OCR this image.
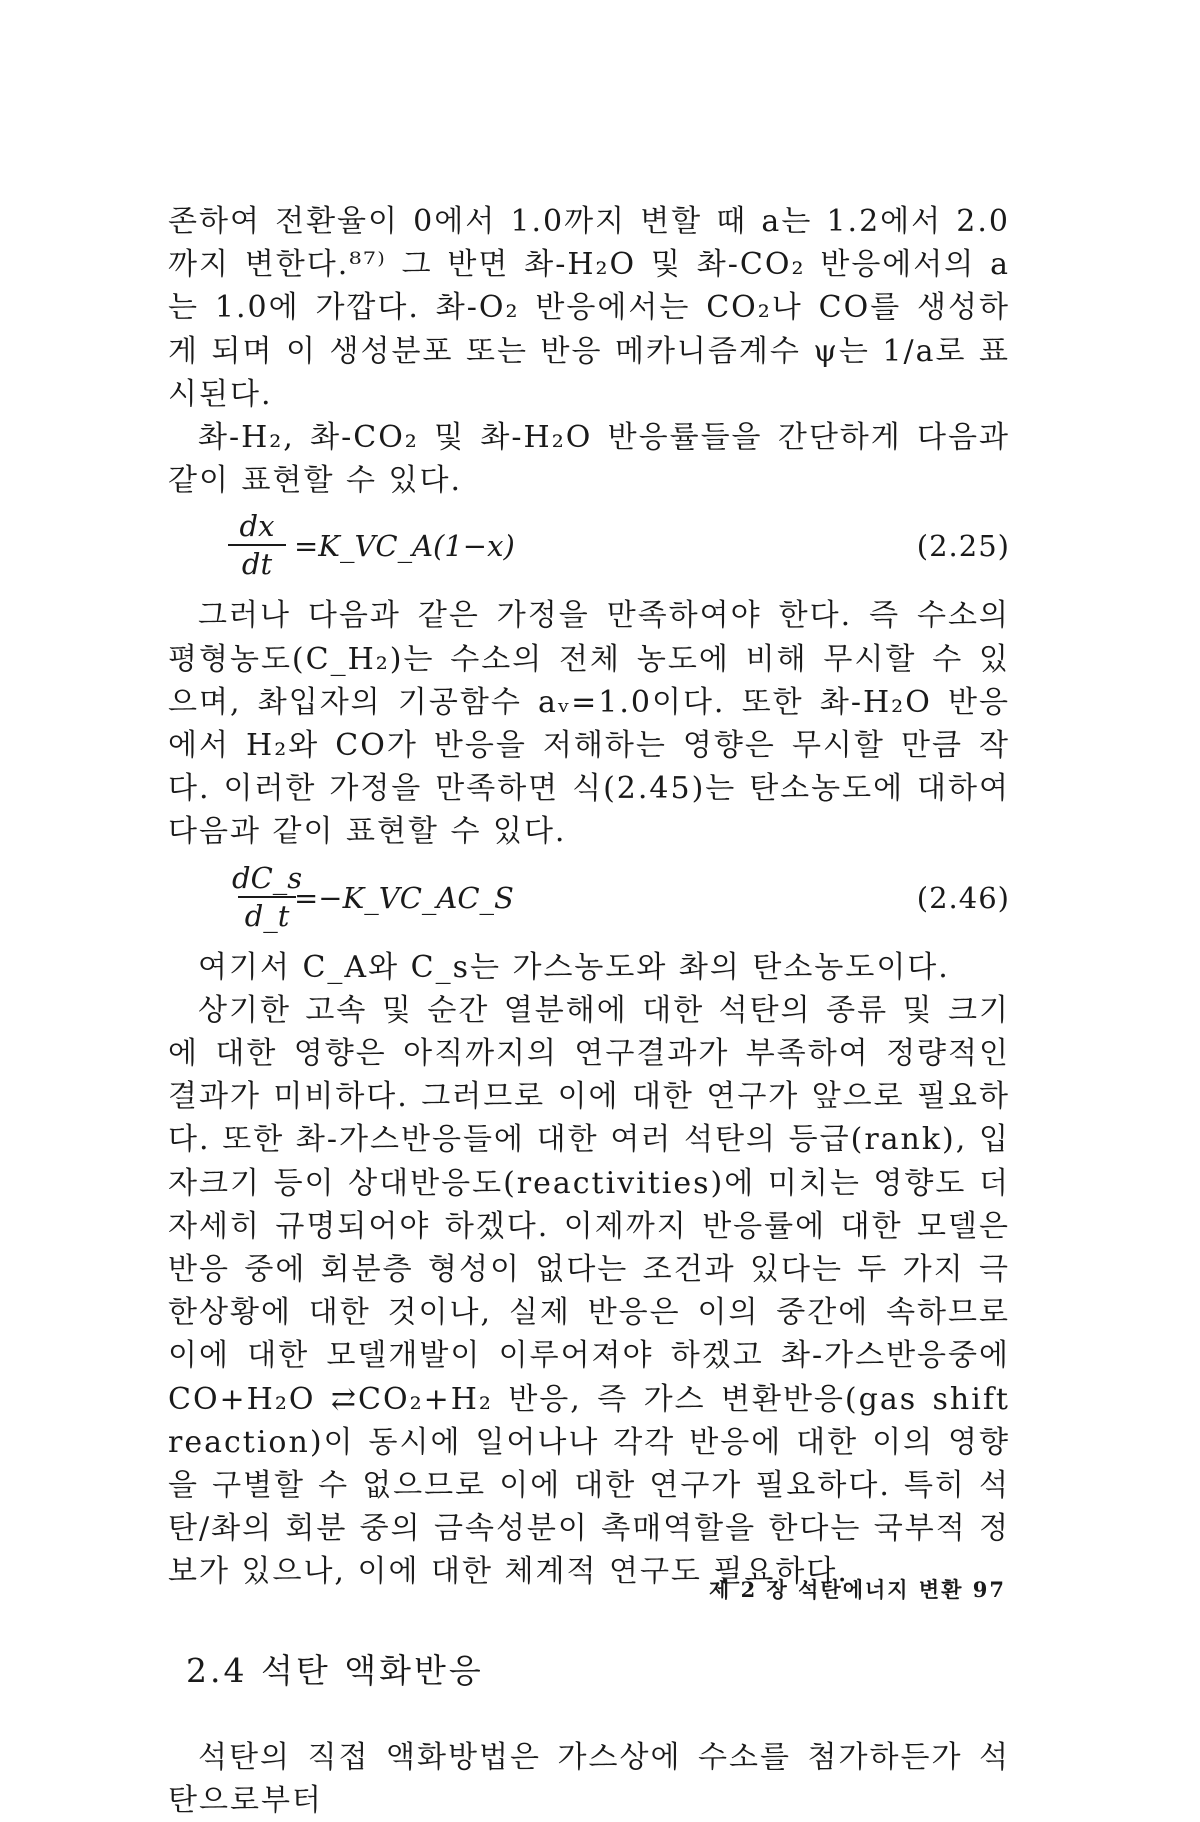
존하여 전환율이 0에서 1.0까지 변할 때 a는 1.2에서 2.0까지 변한다.⁸⁷⁾ 그 반면 촤-H₂O 및 촤-CO₂ 반응에서의 a는 1.0에 가깝다. 촤-O₂ 반응에서는 CO₂나 CO를 생성하게 되며 이 생성분포 또는 반응 메카니즘계수 ψ는 1/a로 표시된다.

촤-H₂, 촤-CO₂ 및 촤-H₂O 반응률들을 간단하게 다음과 같이 표현할 수 있다.

dx
dt
=K_VC_A(1−x)	(2.25)

그러나 다음과 같은 가정을 만족하여야 한다. 즉 수소의 평형농도(C_H₂)는 수소의 전체 농도에 비해 무시할 수 있으며, 촤입자의 기공함수 aᵥ=1.0이다. 또한 촤-H₂O 반응에서 H₂와 CO가 반응을 저해하는 영향은 무시할 만큼 작다. 이러한 가정을 만족하면 식(2.45)는 탄소농도에 대하여 다음과 같이 표현할 수 있다.

dC_s
d_t
=−K_VC_AC_S	(2.46)

여기서 C_A와 C_s는 가스농도와 촤의 탄소농도이다.

상기한 고속 및 순간 열분해에 대한 석탄의 종류 및 크기에 대한 영향은 아직까지의 연구결과가 부족하여 정량적인 결과가 미비하다. 그러므로 이에 대한 연구가 앞으로 필요하다. 또한 촤-가스반응들에 대한 여러 석탄의 등급(rank), 입자크기 등이 상대반응도(reactivities)에 미치는 영향도 더 자세히 규명되어야 하겠다. 이제까지 반응률에 대한 모델은 반응 중에 회분층 형성이 없다는 조건과 있다는 두 가지 극한상황에 대한 것이나, 실제 반응은 이의 중간에 속하므로 이에 대한 모델개발이 이루어져야 하겠고 촤-가스반응중에 CO+H₂O ⇄CO₂+H₂ 반응, 즉 가스 변환반응(gas shift reaction)이 동시에 일어나나 각각 반응에 대한 이의 영향을 구별할 수 없으므로 이에 대한 연구가 필요하다. 특히 석탄/촤의 회분 중의 금속성분이 촉매역할을 한다는 국부적 정보가 있으나, 이에 대한 체계적 연구도 필요하다.

2.4 석탄 액화반응

석탄의 직접 액화방법은 가스상에 수소를 첨가하든가 석탄으로부터

제 2 장 석탄에너지 변환 97
